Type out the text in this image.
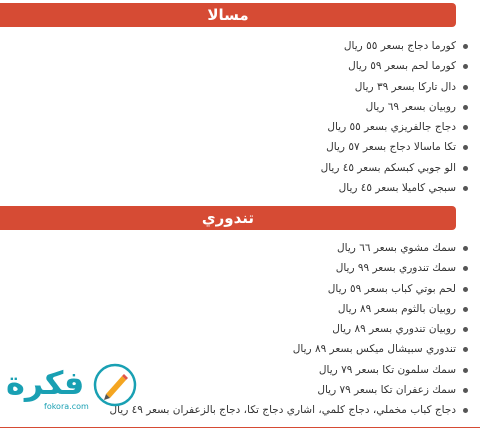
مسالا
كورما دجاج بسعر ٥٥ ريال
كورما لحم بسعر ٥٩ ريال
دال تاركا بسعر ٣٩ ريال
روبيان بسعر ٦٩ ريال
دجاج جالفريزي بسعر ٥٥ ريال
تكا ماسالا دجاج بسعر ٥٧ ريال
الو جوبي كبسكم بسعر ٤٥ ريال
سبجي كاميلا بسعر ٤٥ ريال
تندوري
سمك مشوي بسعر ٦٦ ريال
سمك تندوري بسعر ٩٩ ريال
لحم بوتي كباب بسعر ٥٩ ريال
روبيان بالثوم بسعر ٨٩ ريال
روبيان تندوري بسعر ٨٩ ريال
تندوري سبيشال ميكس بسعر ٨٩ ريال
سمك سلمون تكا بسعر ٧٩ ريال
سمك زعفران تكا بسعر ٧٩ ريال
دجاج كباب مخملي، دجاج كلمي، اشاري دجاج تكا، دجاج بالزعفران بسعر ٤٩ ريال
فكرة
fokora.com
